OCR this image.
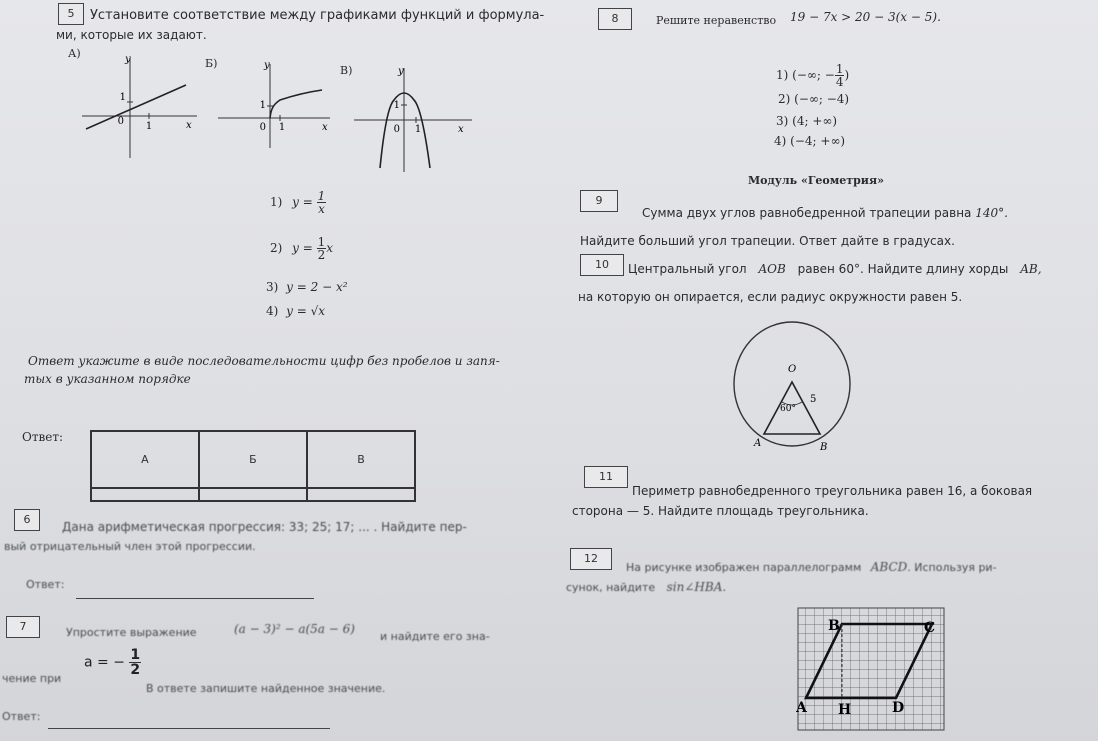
5	Установите соответствие между графиками функций и формула-
ми, которые их задают.
А)
Б)
В)
0
1
1	x
y
0
1
1	x
y
0
1
1	x
y
1) $y = \frac{1}{x}$
2) $y = \frac{1}{2}$ x
3) y = 2 − x²
4) y = √x
Ответ укажите в виде последовательности цифр без пробелов и запя-
тых в указанном порядке
Ответ:
А	Б	В

6
Дана арифметическая прогрессия: 33; 25; 17; ... . Найдите пер-
вый отрицательный член этой прогрессии.
Ответ:
7	Упростите выражение	(a − 3)² − a(5a − 6)
и найдите его зна-
чение при
a = − $\frac{1}{2}$
В ответе запишите найденное значение.
Ответ:
8	Решите неравенство 19 − 7x > 20 − 3(x − 5).
1) (−∞; − $\frac{1}{4}$ )
2) (−∞; −4)
3) (4; +∞)
4) (−4; +∞)
Модуль «Геометрия»
9
Сумма двух углов равнобедренной трапеции равна 140°.
Найдите больший угол трапеции. Ответ дайте в градусах.
10	Центральный угол AOB равен 60°. Найдите длину хорды AB,
на которую он опирается, если радиус окружности равен 5.
O
A	B
5
60°
11
Периметр равнобедренного треугольника равен 16, а боковая
сторона — 5. Найдите площадь треугольника.
12
На рисунке изображен параллелограмм ABCD. Используя ри-
сунок, найдите sin∠HBA.
B	C
A H	D
